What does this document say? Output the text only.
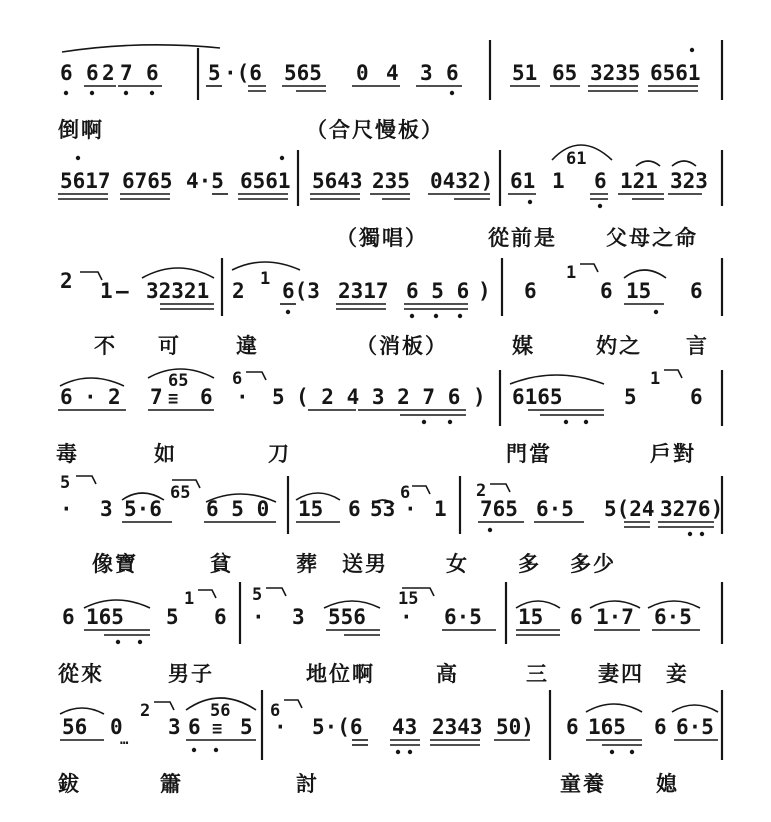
6 6 2 7 6 5 ·(6 565 0 4 3 6	51 65 3235 6561
5617 6765 4·5 6561 5643 235 0432) 61
61
1 6 121 323
2 1 — 32321 2 1 6(3 2317 6 5 6 ) 6
1
6 15 6
6 · 2 7
65
≡ 6
6
· 5 ( 2 4 3 2 7 6 ) 6165	5
1
6
5
· 3 5·6
65
6 5 0 15 6 53
6
· 1
2
765 6·5 5(24 3276)
6 165 5
1
6
5
· 3 556
15
· 6·5 15 6 1·7 6·5
56 0
…
2
3 6
56
≡ 5
6
· 5·(6 43 2343 50) 6 165 6 6·5
倒啊	（合尺慢板）
（獨唱）	從前是 父母之命
不 可	違	（消板）	媒	妁之 言
毒	如	刀	門當	戶對
像寶	貧	葬 送男	女 多 多少
從來	男子	地位啊	高	三 妻四 妾
鈸	簫	討	童養 媳
